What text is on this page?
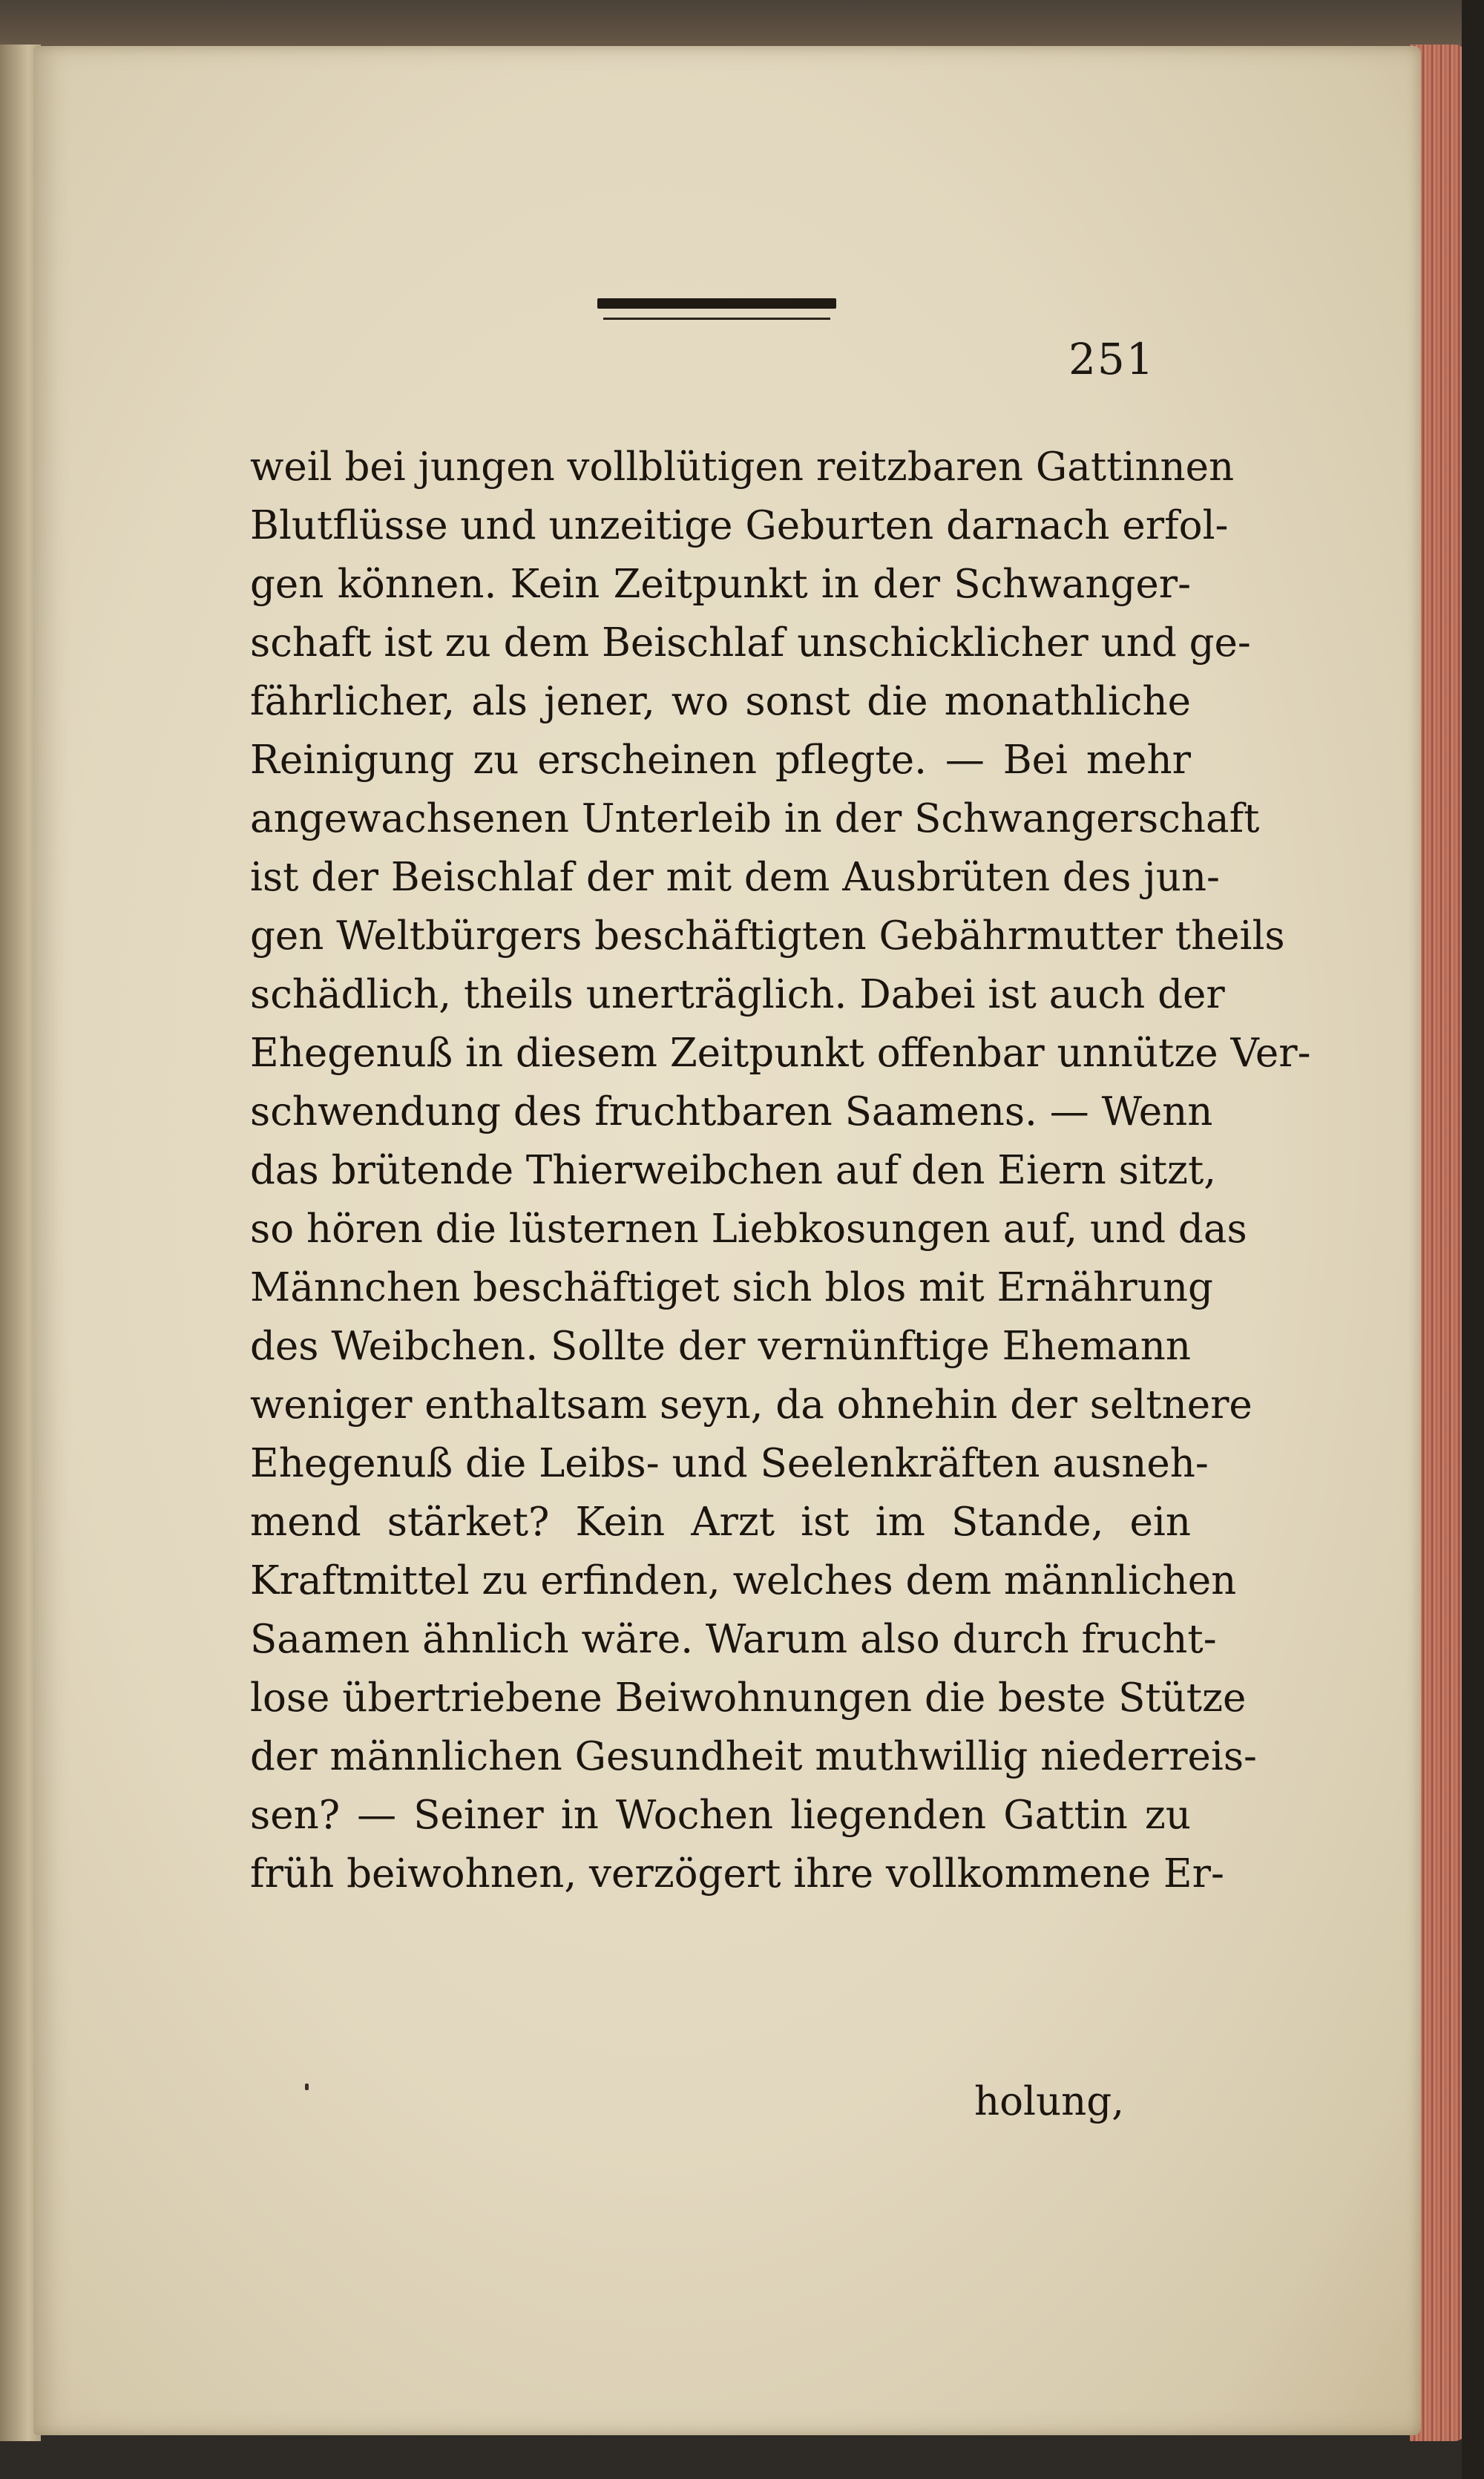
251
weil bei jungen vollblütigen reitzbaren Gattinnen
Blutflüsse und unzeitige Geburten darnach erfol-
gen können. Kein Zeitpunkt in der Schwanger-
schaft ist zu dem Beischlaf unschicklicher und ge-
fährlicher, als jener, wo sonst die monathliche
Reinigung zu erscheinen pflegte. — Bei mehr
angewachsenen Unterleib in der Schwangerschaft
ist der Beischlaf der mit dem Ausbrüten des jun-
gen Weltbürgers beschäftigten Gebährmutter theils
schädlich, theils unerträglich. Dabei ist auch der
Ehegenuß in diesem Zeitpunkt offenbar unnütze Ver-
schwendung des fruchtbaren Saamens. — Wenn
das brütende Thierweibchen auf den Eiern sitzt,
so hören die lüsternen Liebkosungen auf, und das
Männchen beschäftiget sich blos mit Ernährung
des Weibchen. Sollte der vernünftige Ehemann
weniger enthaltsam seyn, da ohnehin der seltnere
Ehegenuß die Leibs- und Seelenkräften ausneh-
mend stärket? Kein Arzt ist im Stande, ein
Kraftmittel zu erfinden, welches dem männlichen
Saamen ähnlich wäre. Warum also durch frucht-
lose übertriebene Beiwohnungen die beste Stütze
der männlichen Gesundheit muthwillig niederreis-
sen? — Seiner in Wochen liegenden Gattin zu
früh beiwohnen, verzögert ihre vollkommene Er-
holung,
